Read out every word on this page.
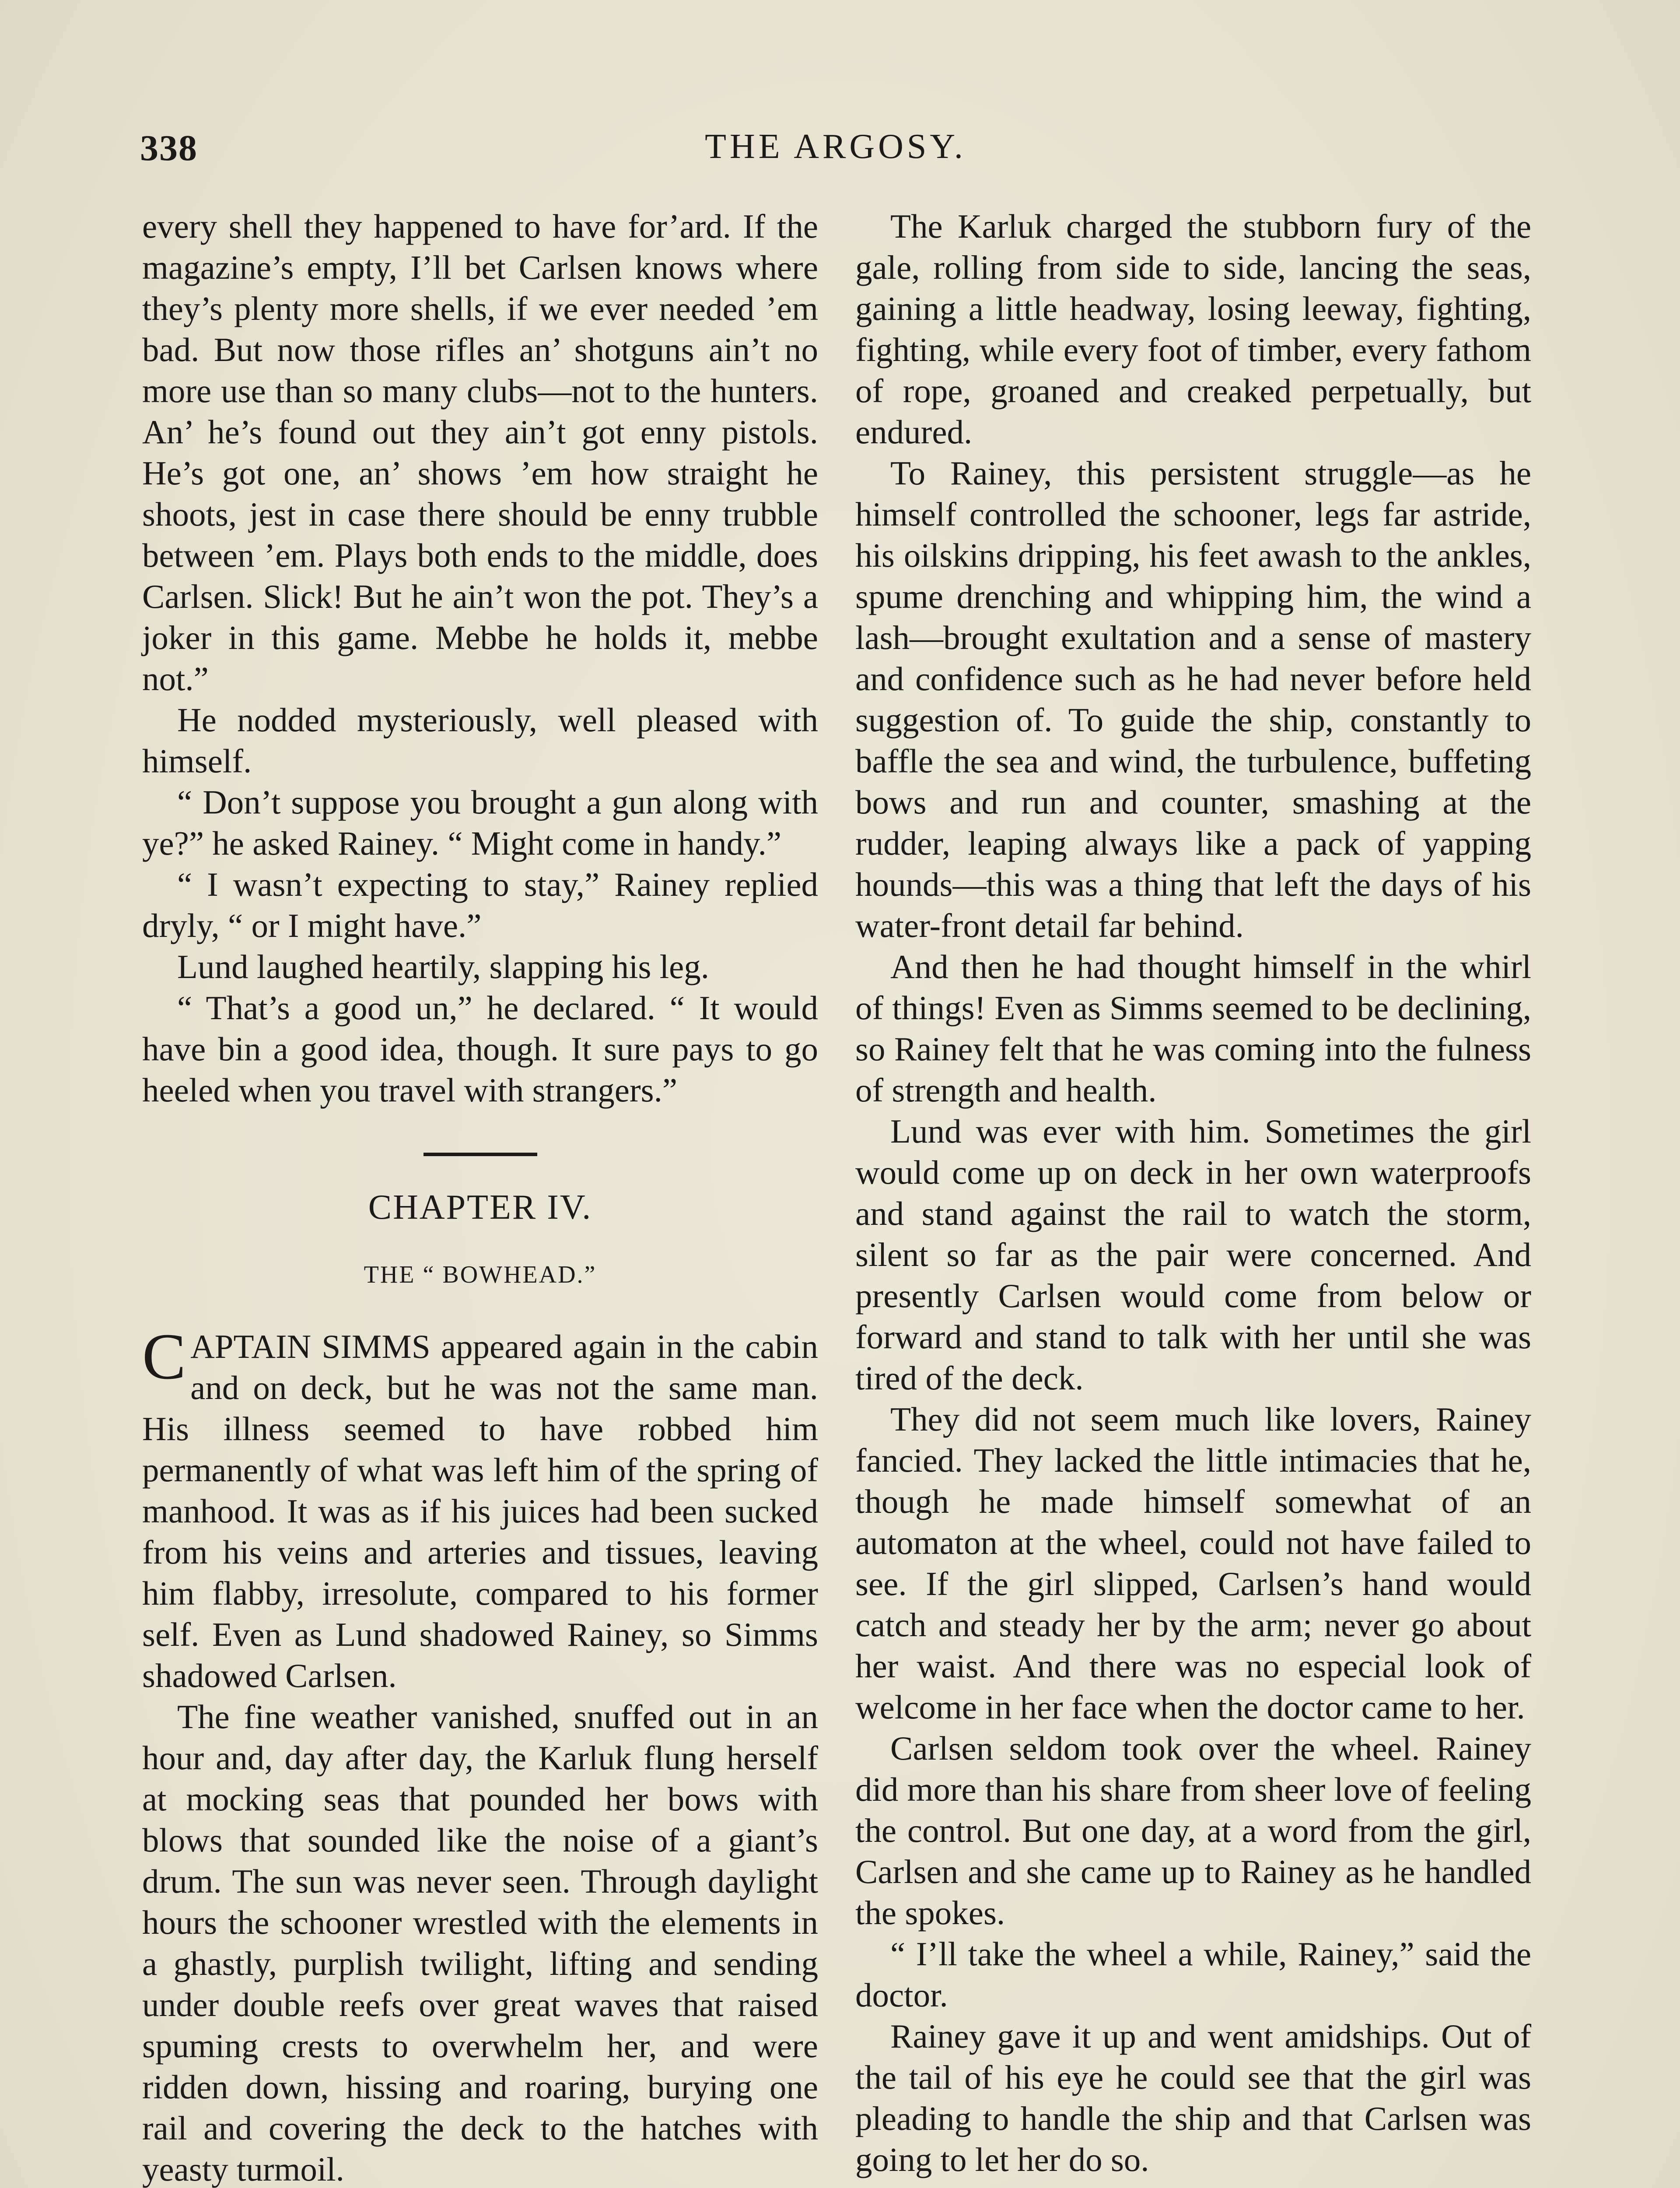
338	THE ARGOSY.

every shell they happened to have for’ard. If the magazine’s empty, I’ll bet Carlsen knows where they’s plenty more shells, if we ever needed ’em bad. But now those rifles an’ shotguns ain’t no more use than so many clubs—not to the hunters. An’ he’s found out they ain’t got enny pistols. He’s got one, an’ shows ’em how straight he shoots, jest in case there should be enny trubble between ’em. Plays both ends to the middle, does Carlsen. Slick! But he ain’t won the pot. They’s a joker in this game. Mebbe he holds it, mebbe not.”

He nodded mysteriously, well pleased with himself.

“ Don’t suppose you brought a gun along with ye?” he asked Rainey. “ Might come in handy.”

“ I wasn’t expecting to stay,” Rainey replied dryly, “ or I might have.”

Lund laughed heartily, slapping his leg.

“ That’s a good un,” he declared. “ It would have bin a good idea, though. It sure pays to go heeled when you travel with strangers.”

CHAPTER IV.
THE “ BOWHEAD.”

CAPTAIN SIMMS appeared again in the cabin and on deck, but he was not the same man. His illness seemed to have robbed him permanently of what was left him of the spring of manhood. It was as if his juices had been sucked from his veins and arteries and tissues, leaving him flabby, irresolute, compared to his former self. Even as Lund shadowed Rainey, so Simms shadowed Carlsen.

The fine weather vanished, snuffed out in an hour and, day after day, the Karluk flung herself at mocking seas that pounded her bows with blows that sounded like the noise of a giant’s drum. The sun was never seen. Through daylight hours the schooner wrestled with the elements in a ghastly, purplish twilight, lifting and sending under double reefs over great waves that raised spuming crests to overwhelm her, and were ridden down, hissing and roaring, burying one rail and covering the deck to the hatches with yeasty turmoil.

The Karluk charged the stubborn fury of the gale, rolling from side to side, lancing the seas, gaining a little headway, losing leeway, fighting, fighting, while every foot of timber, every fathom of rope, groaned and creaked perpetually, but endured.

To Rainey, this persistent struggle—as he himself controlled the schooner, legs far astride, his oilskins dripping, his feet awash to the ankles, spume drenching and whipping him, the wind a lash—brought exultation and a sense of mastery and confidence such as he had never before held suggestion of. To guide the ship, constantly to baffle the sea and wind, the turbulence, buffeting bows and run and counter, smashing at the rudder, leaping always like a pack of yapping hounds—this was a thing that left the days of his water-front detail far behind.

And then he had thought himself in the whirl of things! Even as Simms seemed to be declining, so Rainey felt that he was coming into the fulness of strength and health.

Lund was ever with him. Sometimes the girl would come up on deck in her own waterproofs and stand against the rail to watch the storm, silent so far as the pair were concerned. And presently Carlsen would come from below or forward and stand to talk with her until she was tired of the deck.

They did not seem much like lovers, Rainey fancied. They lacked the little intimacies that he, though he made himself somewhat of an automaton at the wheel, could not have failed to see. If the girl slipped, Carlsen’s hand would catch and steady her by the arm; never go about her waist. And there was no especial look of welcome in her face when the doctor came to her.

Carlsen seldom took over the wheel. Rainey did more than his share from sheer love of feeling the control. But one day, at a word from the girl, Carlsen and she came up to Rainey as he handled the spokes.

“ I’ll take the wheel a while, Rainey,” said the doctor.

Rainey gave it up and went amidships. Out of the tail of his eye he could see that the girl was pleading to handle the ship and that Carlsen was going to let her do so.
